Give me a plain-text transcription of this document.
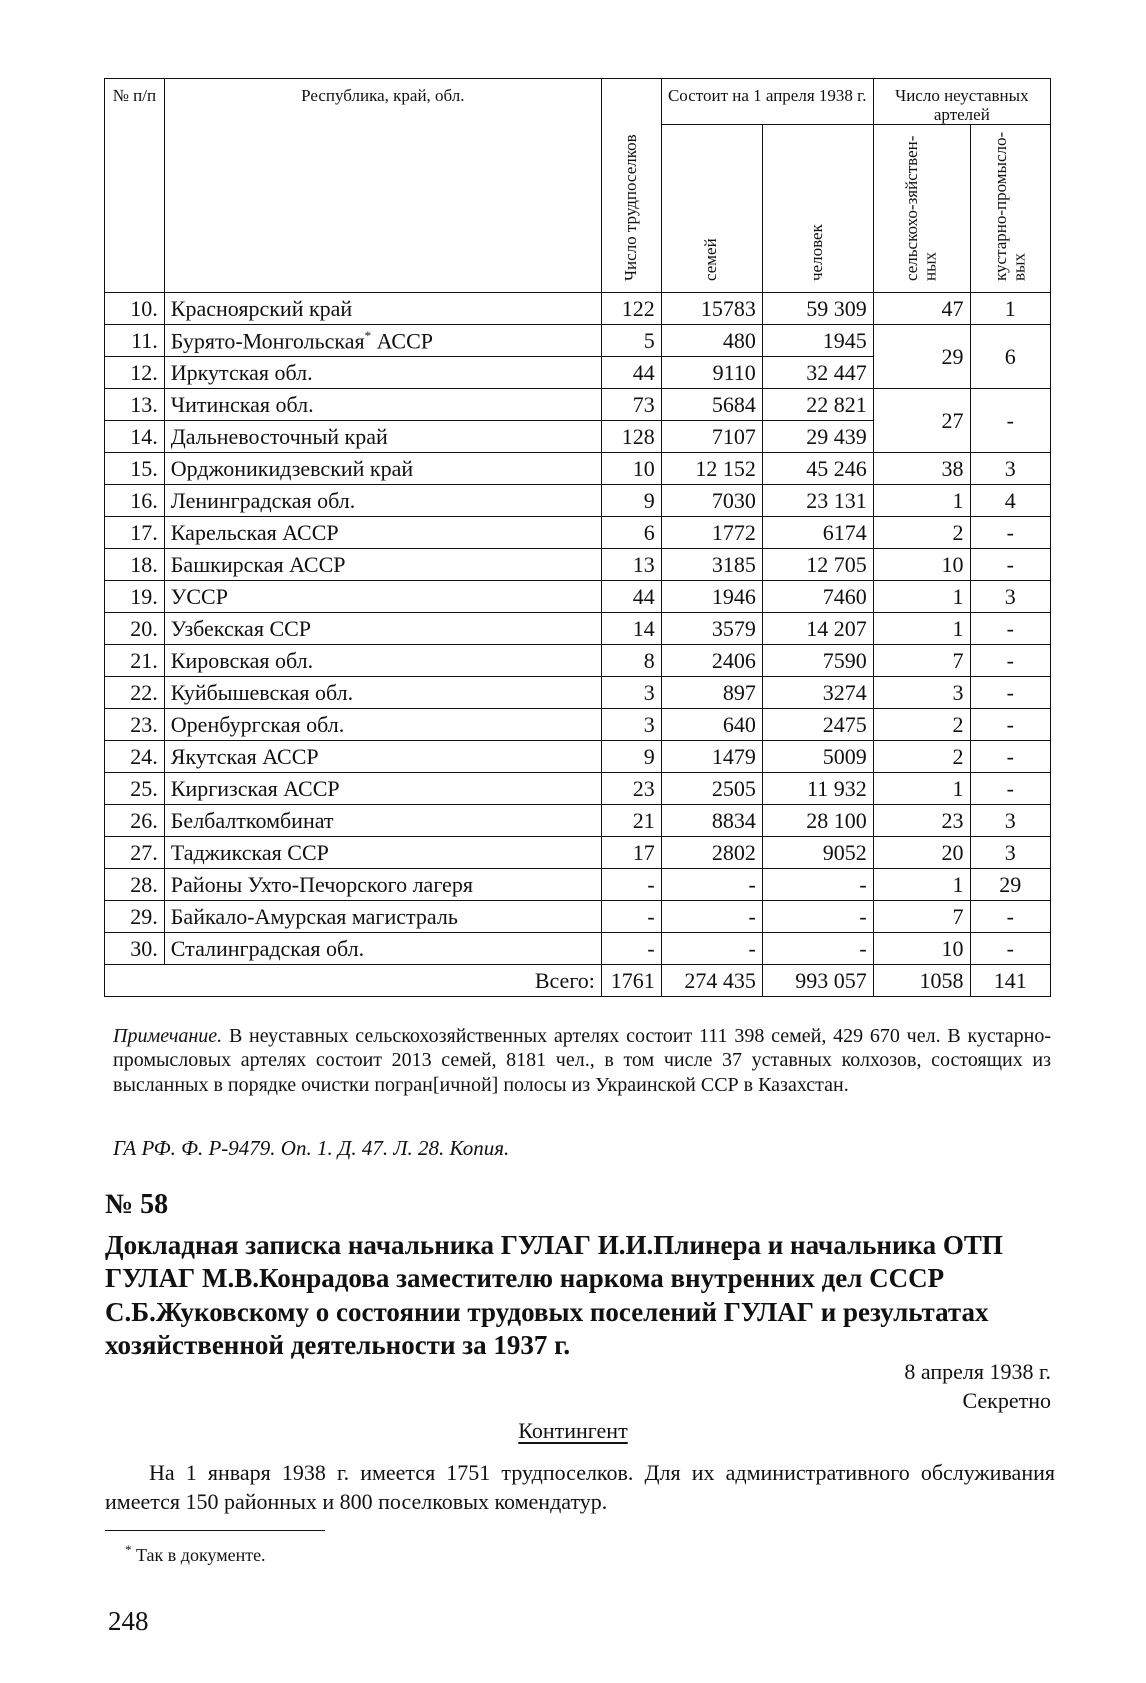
№ п/п	Республика, край, обл.	Число трудпоселков	Состоит на 1 апреля 1938 г.		Число неуставных артелей	
			семей	человек	сельскохо-зяйствен-ных	кустарно-промысло-вых
10.	Красноярский край	122	15783	59 309	47	1
11.	Бурято-Монгольская* АССР	5	480	1945	29	6
12.	Иркутская обл.	44	9110	32 447		
13.	Читинская обл.	73	5684	22 821	27	-
14.	Дальневосточный край	128	7107	29 439		
15.	Орджоникидзевский край	10	12 152	45 246	38	3
16.	Ленинградская обл.	9	7030	23 131	1	4
17.	Карельская АССР	6	1772	6174	2	-
18.	Башкирская АССР	13	3185	12 705	10	-
19.	УССР	44	1946	7460	1	3
20.	Узбекская ССР	14	3579	14 207	1	-
21.	Кировская обл.	8	2406	7590	7	-
22.	Куйбышевская обл.	3	897	3274	3	-
23.	Оренбургская обл.	3	640	2475	2	-
24.	Якутская АССР	9	1479	5009	2	-
25.	Киргизская АССР	23	2505	11 932	1	-
26.	Белбалткомбинат	21	8834	28 100	23	3
27.	Таджикская ССР	17	2802	9052	20	3
28.	Районы Ухто-Печорского лагеря	-	-	-	1	29
29.	Байкало-Амурская магистраль	-	-	-	7	-
30.	Сталинградская обл.	-	-	-	10	-
Всего:		1761	274 435	993 057	1058	141

Примечание. В неуставных сельскохозяйственных артелях состоит 111 398 семей, 429 670 чел. В кустарно-промысловых артелях состоит 2013 семей, 8181 чел., в том числе 37 уставных колхозов, состоящих из высланных в порядке очистки погран[ичной] полосы из Украинской ССР в Казахстан.

ГА РФ. Ф. Р-9479. Оп. 1. Д. 47. Л. 28. Копия.

№ 58

Докладная записка начальника ГУЛАГ И.И.Плинера и начальника ОТП ГУЛАГ М.В.Конрадова заместителю наркома внутренних дел СССР С.Б.Жуковскому о состоянии трудовых поселений ГУЛАГ и результатах хозяйственной деятельности за 1937 г.

8 апреля 1938 г.

Секретно

Контингент

На 1 января 1938 г. имеется 1751 трудпоселков. Для их административного обслуживания имеется 150 районных и 800 поселковых комендатур.

* Так в документе.

248
